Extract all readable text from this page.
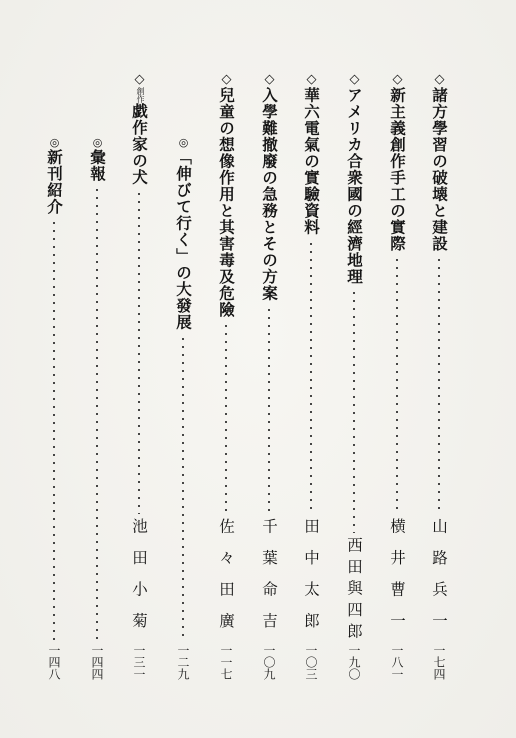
◇
諸方學習の破壊と建設
山路兵一
一七四
◇
新主義創作手工の實際
横井曹一
一八一
◇
アメリカ合衆國の經濟地理
西田與四郎
一九〇
◇
華六電氣の實驗資料
田中太郎
一〇三
◇
入學難撤廢の急務とその方案
千葉命吉
一〇九
◇
兒童の想像作用と其害毒及危險
佐々田廣
一一七
◎
「伸びて行く」の大發展
一二九
◇
創作
戯作家の犬
池田小菊
一三一
◎
彙報
一四四
◎
新刊紹介
一四八
